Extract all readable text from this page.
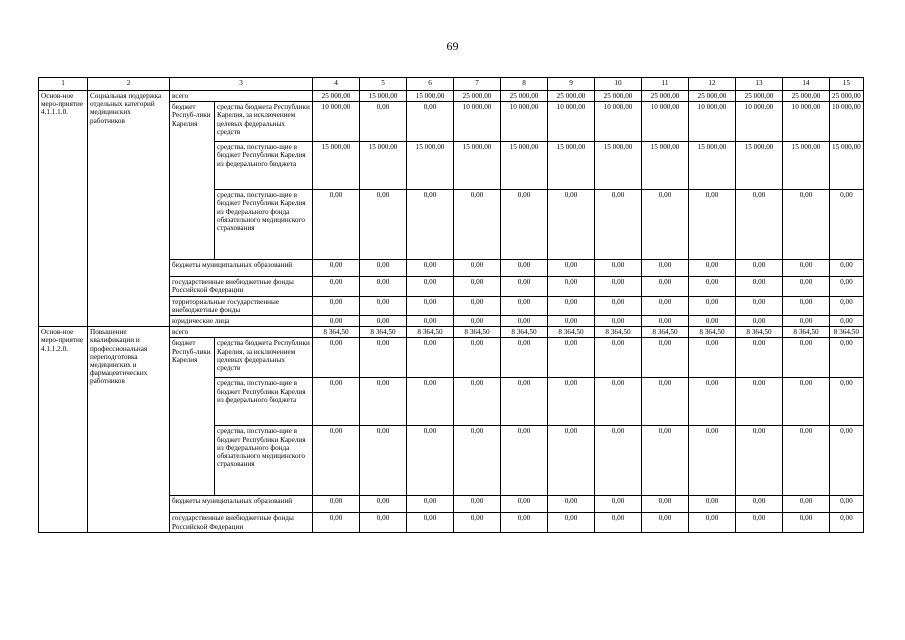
69
1	2	3		4	5	6	7	8	9	10	11	12	13	14	15
Основ-ное меро-приятие 4.1.1.1.0.	Социальная поддержка отдельных категорий медицинских работников	всего		25 000,00	15 000,00	15 000,00	25 000,00	25 000,00	25 000,00	25 000,00	25 000,00	25 000,00	25 000,00	25 000,00	25 000,00
		бюджет Респуб-лики Карелия	средства бюджета Республики Карелия, за исключением целевых федеральных средств	10 000,00	0,00	0,00	10 000,00	10 000,00	10 000,00	10 000,00	10 000,00	10 000,00	10 000,00	10 000,00	10 000,00
			средства, поступаю-щие в бюджет Республики Карелия из федерального бюджета	15 000,00	15 000,00	15 000,00	15 000,00	15 000,00	15 000,00	15 000,00	15 000,00	15 000,00	15 000,00	15 000,00	15 000,00
			средства, поступаю-щие в бюджет Республики Карелия из Федерального фонда обязательного медицинского страхования	0,00	0,00	0,00	0,00	0,00	0,00	0,00	0,00	0,00	0,00	0,00	0,00
		бюджеты муниципальных образований		0,00	0,00	0,00	0,00	0,00	0,00	0,00	0,00	0,00	0,00	0,00	0,00
		государственные внебюджетные фонды Российской Федерации		0,00	0,00	0,00	0,00	0,00	0,00	0,00	0,00	0,00	0,00	0,00	0,00
		территориальные государственные внебюджетные фонды		0,00	0,00	0,00	0,00	0,00	0,00	0,00	0,00	0,00	0,00	0,00	0,00
		юридические лица		0,00	0,00	0,00	0,00	0,00	0,00	0,00	0,00	0,00	0,00	0,00	0,00
Основ-ное меро-приятие 4.1.1.2.0.	Повышение квалификации и профессиональная переподготовка медицинских и фармацевтических работников	всего		8 364,50	8 364,50	8 364,50	8 364,50	8 364,50	8 364,50	8 364,50	8 364,50	8 364,50	8 364,50	8 364,50	8 364,50
		бюджет Респуб-лики Карелия	средства бюджета Республики Карелия, за исключением целевых федеральных средств	0,00	0,00	0,00	0,00	0,00	0,00	0,00	0,00	0,00	0,00	0,00	0,00
			средства, поступаю-щие в бюджет Республики Карелия из федерального бюджета	0,00	0,00	0,00	0,00	0,00	0,00	0,00	0,00	0,00	0,00	0,00	0,00
			средства, поступаю-щие в бюджет Республики Карелия из Федерального фонда обязательного медицинского страхования	0,00	0,00	0,00	0,00	0,00	0,00	0,00	0,00	0,00	0,00	0,00	0,00
		бюджеты муниципальных образований		0,00	0,00	0,00	0,00	0,00	0,00	0,00	0,00	0,00	0,00	0,00	0,00
		государственные внебюджетные фонды Российской Федерации		0,00	0,00	0,00	0,00	0,00	0,00	0,00	0,00	0,00	0,00	0,00	0,00
